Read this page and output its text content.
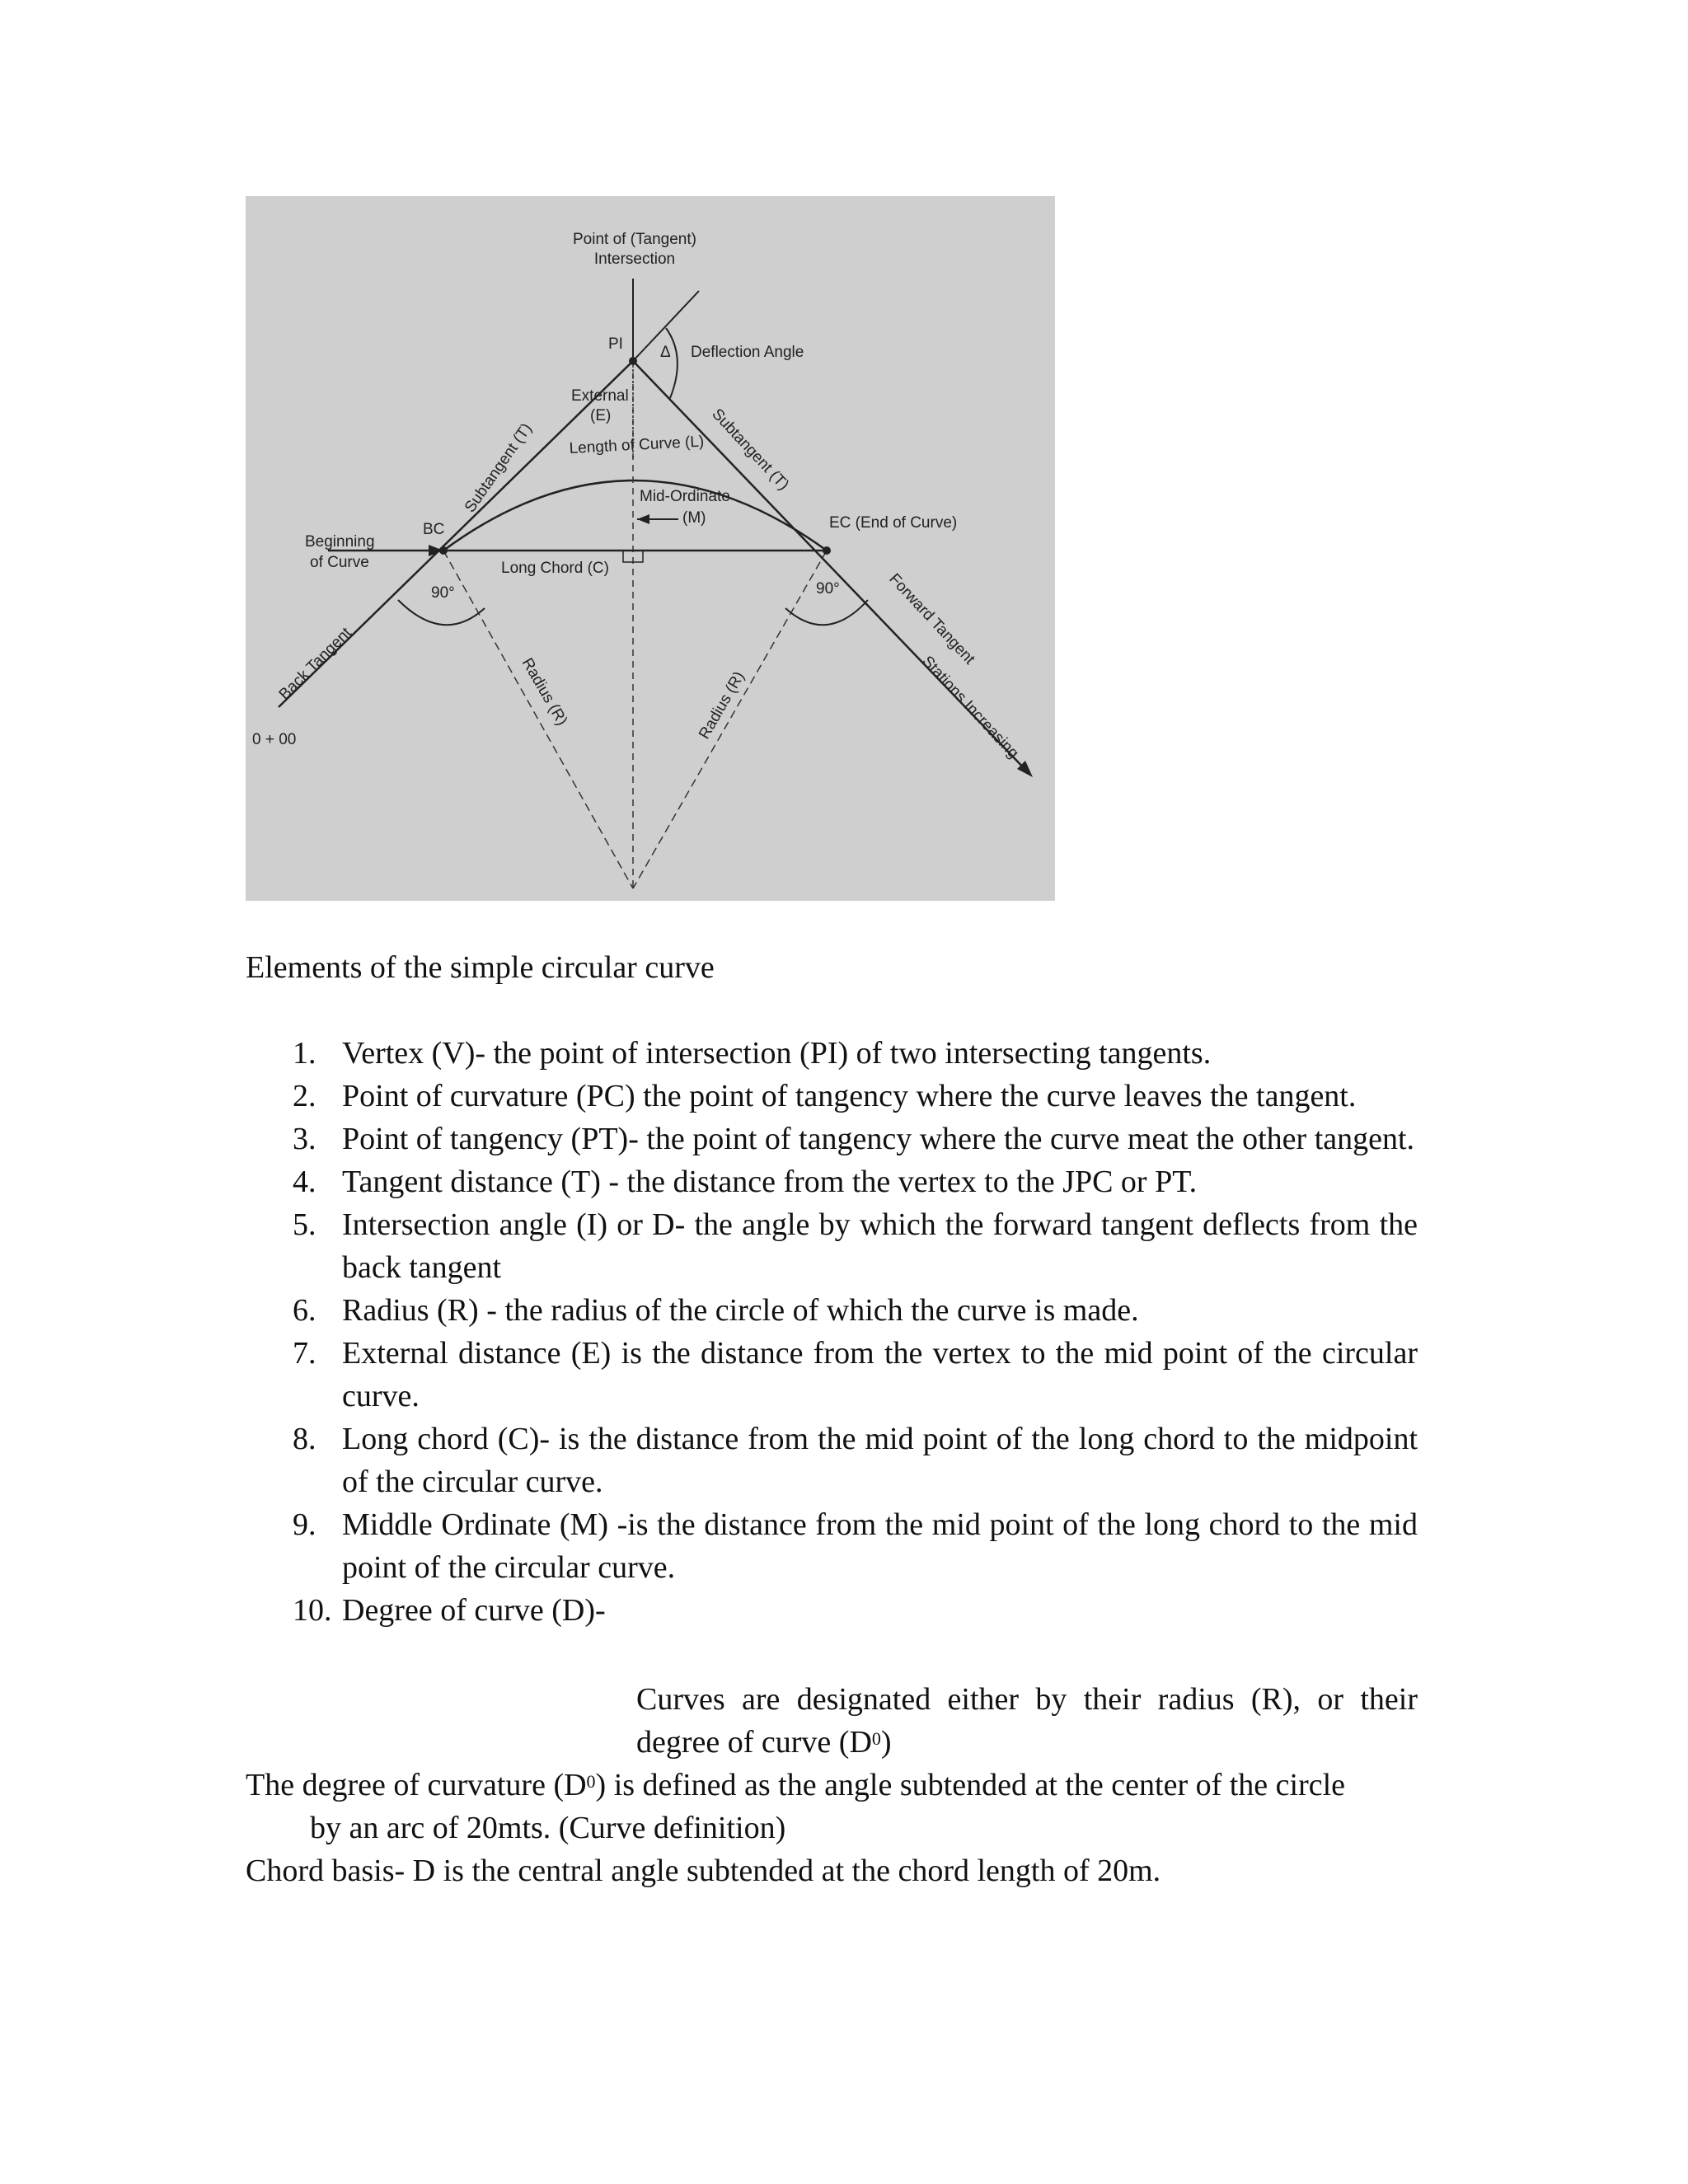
Point of (Tangent)
Intersection
PI Δ Deflection Angle
External
(E)
Length of Curve (L)
Subtangent (T)	Subtangent (T)
Mid-Ordinate
(M)
BC
Beginning
of Curve
EC (End of Curve)
Long Chord (C)
90°	90°
Back Tangent
0 + 00
Radius (R)	Radius (R)
Forward Tangent
Stations Increasing
Elements of the simple circular curve
1. Vertex (V)- the point of intersection (PI) of two intersecting tangents.
2. Point of curvature (PC) the point of tangency where the curve leaves the tangent.
3. Point of tangency (PT)- the point of tangency where the curve meat the other tangent.
4. Tangent distance (T) - the distance from the vertex to the JPC or PT.
5. Intersection angle (I) or D- the angle by which the forward tangent deflects from the back tangent
6. Radius (R) - the radius of the circle of which the curve is made.
7. External distance (E) is the distance from the vertex to the mid point of the circular curve.
8. Long chord (C)- is the distance from the mid point of the long chord to the midpoint of the circular curve.
9. Middle Ordinate (M) -is the distance from the mid point of the long chord to the mid point of the circular curve.
10. Degree of curve (D)-
Curves are designated either by their radius (R), or their degree of curve $(D^0)$
The degree of curvature $(D^0)$ is defined as the angle subtended at the center of the circle
by an arc of 20mts. (Curve definition)
Chord basis- D is the central angle subtended at the chord length of 20m.
